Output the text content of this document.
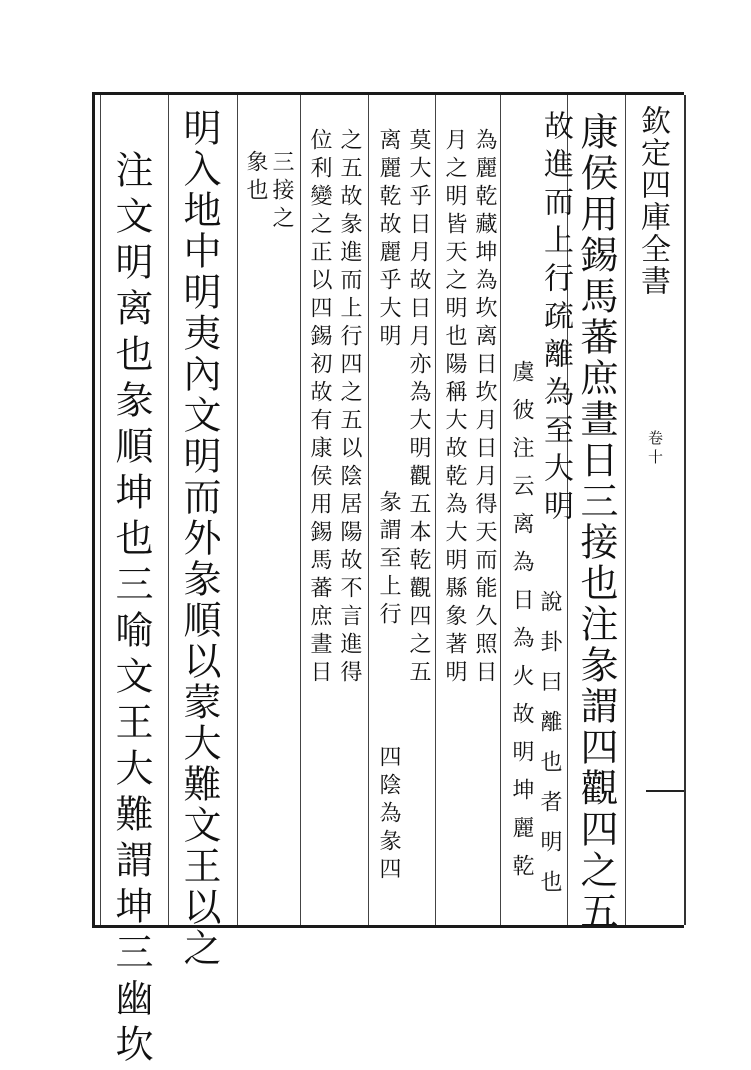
欽定四庫全書
卷十
康侯用錫馬蕃庶晝日三接也注彖謂四觀四之五
故進而上行疏離為至大明
說卦曰離也者明也
虞彼注云离為日為火故明坤麗乾
為麗乾藏坤為坎离日坎月日月得天而能久照日
月之明皆天之明也陽稱大故乾為大明縣象著明
莫大乎日月故日月亦為大明觀五本乾觀四之五
离麗乾故麗乎大明
彖謂至上行
四陰為彖四
之五故彖進而上行四之五以陰居陽故不言進得
位利變之正以四錫初故有康侯用錫馬蕃庶晝日
三接之
象也
明入地中明夷內文明而外彖順以蒙大難文王以之
注文明离也彖順坤也三喻文王大難謂坤三幽坎
